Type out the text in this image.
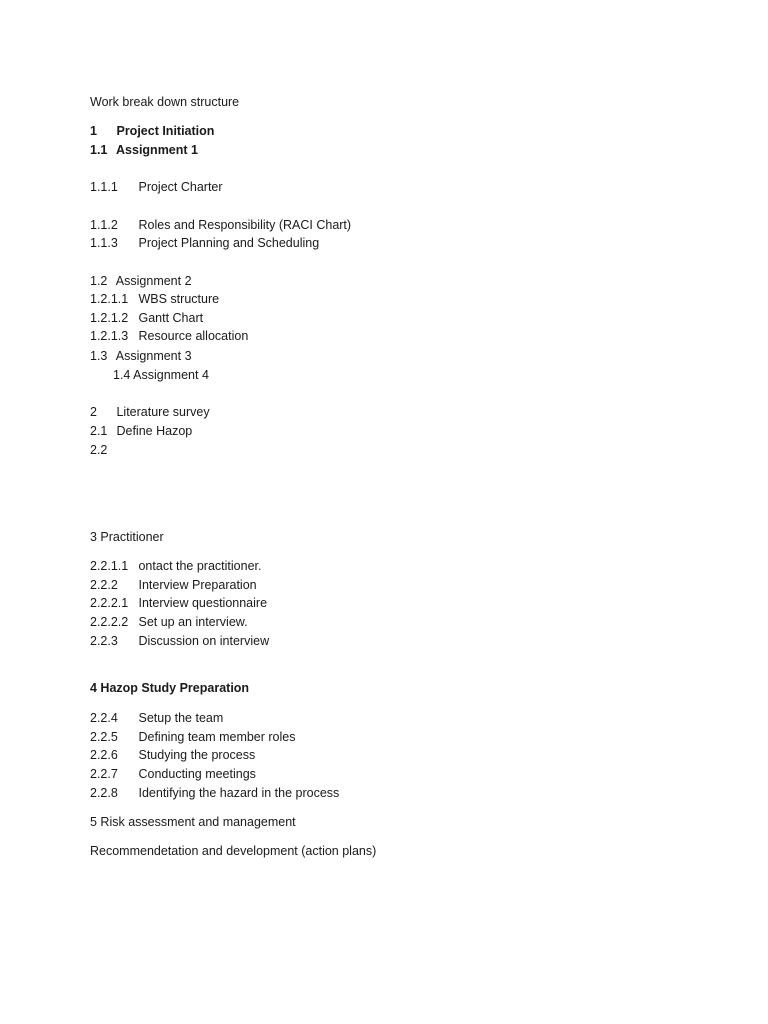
Work break down structure
1 Project Initiation
1.1 Assignment 1
1.1.1 Project Charter
1.1.2 Roles and Responsibility (RACI Chart)
1.1.3 Project Planning and Scheduling
1.2 Assignment 2
1.2.1.1 WBS structure
1.2.1.2 Gantt Chart
1.2.1.3 Resource allocation
1.3 Assignment 3
1.4 Assignment 4
2 Literature survey
2.1 Define Hazop
2.2
3 Practitioner
2.2.1.1 ontact the practitioner.
2.2.2 Interview Preparation
2.2.2.1 Interview questionnaire
2.2.2.2 Set up an interview.
2.2.3 Discussion on interview
4 Hazop Study Preparation
2.2.4 Setup the team
2.2.5 Defining team member roles
2.2.6 Studying the process
2.2.7 Conducting meetings
2.2.8 Identifying the hazard in the process
5 Risk assessment and management
Recommendetation and development (action plans)
